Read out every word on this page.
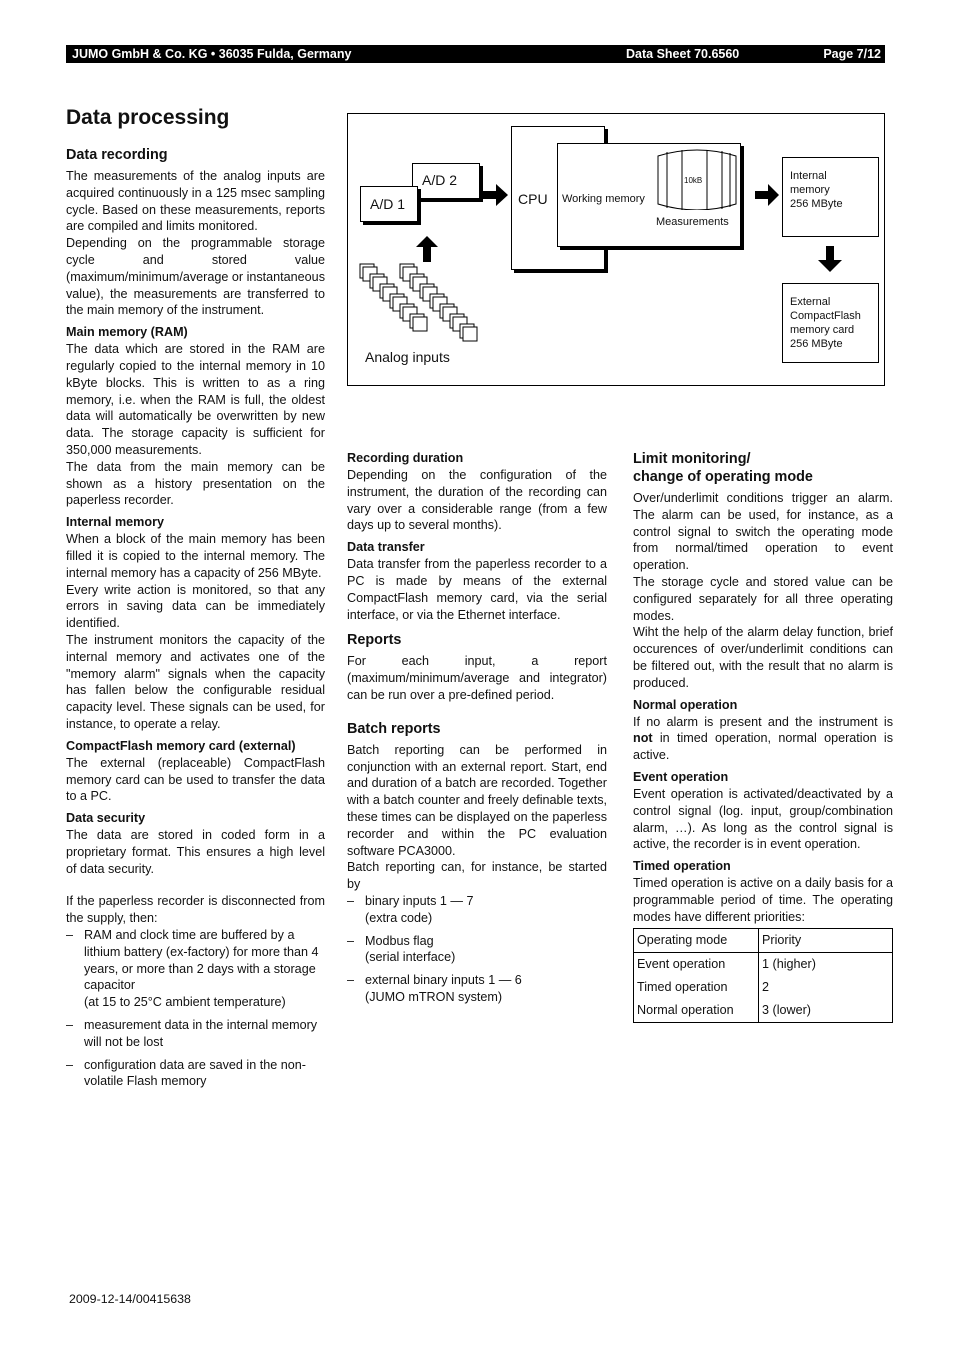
JUMO GmbH & Co. KG • 36035 Fulda, Germany	Data Sheet 70.6560	Page 7/12
Data processing
Data recording

The measurements of the analog inputs are acquired continuously in a 125 msec sampling cycle. Based on these measurements, reports are compiled and limits monitored.

Depending on the programmable storage cycle and stored value (maximum/minimum/average or instantaneous value), the measurements are transferred to the main memory of the instrument.

Main memory (RAM)

The data which are stored in the RAM are regularly copied to the internal memory in 10 kByte blocks. This is written to as a ring memory, i.e. when the RAM is full, the oldest data will automatically be overwritten by new data. The storage capacity is sufficient for 350,000 measurements.

The data from the main memory can be shown as a history presentation on the paperless recorder.

Internal memory

When a block of the main memory has been filled it is copied to the internal memory. The internal memory has a capacity of 256 MByte.

Every write action is monitored, so that any errors in saving data can be immediately identified.

The instrument monitors the capacity of the internal memory and activates one of the "memory alarm" signals when the capacity has fallen below the configurable residual capacity level. These signals can be used, for instance, to operate a relay.

CompactFlash memory card (external)

The external (replaceable) CompactFlash memory card can be used to transfer the data to a PC.

Data security

The data are stored in coded form in a proprietary format. This ensures a high level of data security.

If the paperless recorder is disconnected from the supply, then:

– RAM and clock time are buffered by a lithium battery (ex-factory) for more than 4 years, or more than 2 days with a storage capacitor
(at 15 to 25°C ambient temperature)
– measurement data in the internal memory will not be lost
– configuration data are saved in the non-volatile Flash memory
A/D 2
A/D 1	CPU Working memory
10kB
Measurements
Internal
memory
256 MByte
External
CompactFlash
memory card
256 MByte
Analog inputs
Recording duration

Depending on the configuration of the instrument, the duration of the recording can vary over a considerable range (from a few days up to several months).

Data transfer

Data transfer from the paperless recorder to a PC is made by means of the external CompactFlash memory card, via the serial interface, or via the Ethernet interface.

Reports

For each input, a report (maximum/minimum/average and integrator) can be run over a pre-defined period.

Batch reports

Batch reporting can be performed in conjunction with an external report. Start, end and duration of a batch are recorded. Together with a batch counter and freely definable texts, these times can be displayed on the paperless recorder and within the PC evaluation software PCA3000.

Batch reporting can, for instance, be started by

– binary inputs 1 — 7
(extra code)
– Modbus flag
(serial interface)
– external binary inputs 1 — 6
(JUMO mTRON system)
Limit monitoring/
change of operating mode

Over/underlimit conditions trigger an alarm. The alarm can be used, for instance, as a control signal to switch the operating mode from normal/timed operation to event operation.

The storage cycle and stored value can be configured separately for all three operating modes.

Wiht the help of the alarm delay function, brief occurences of over/underlimit conditions can be filtered out, with the result that no alarm is produced.

Normal operation

If no alarm is present and the instrument is not in timed operation, normal operation is active.

Event operation

Event operation is activated/deactivated by a control signal (log. input, group/combination alarm, …). As long as the control signal is active, the recorder is in event operation.

Timed operation

Timed operation is active on a daily basis for a programmable period of time. The operating modes have different priorities:

Operating mode	Priority
Event operation	1 (higher)
Timed operation	2
Normal operation	3 (lower)
2009-12-14/00415638
